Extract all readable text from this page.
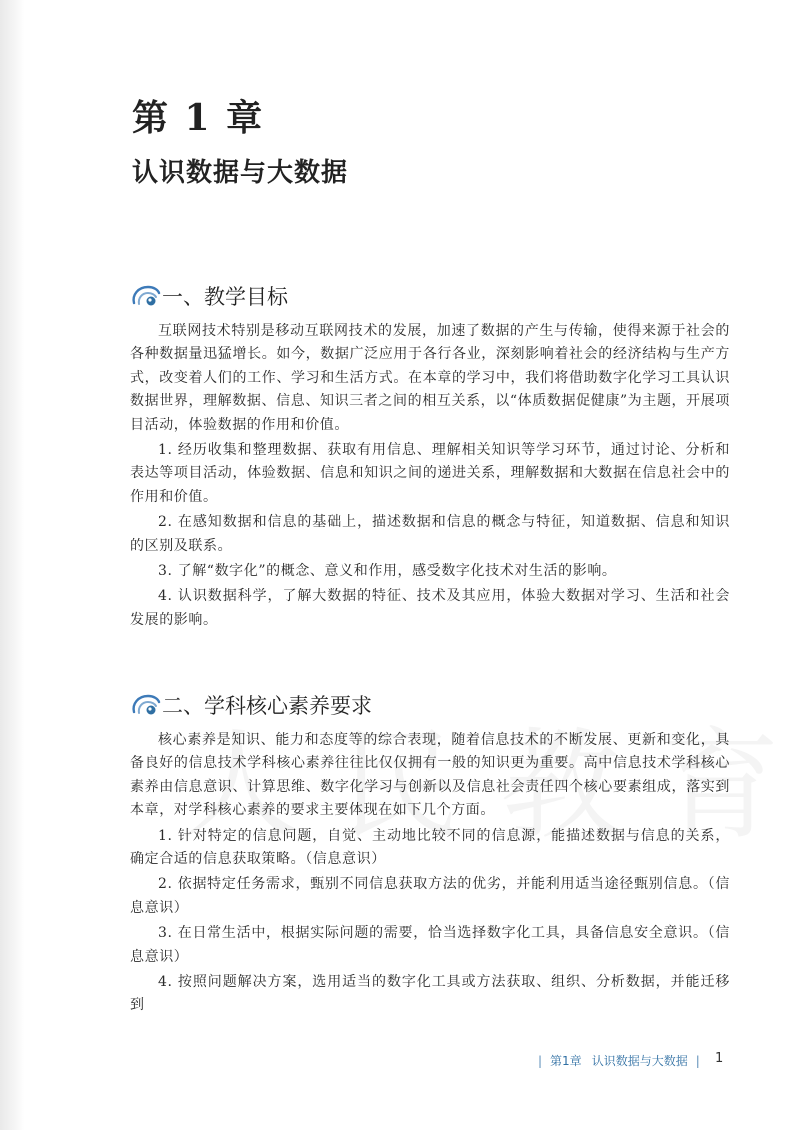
第 1 章
认识数据与大数据
一、教学目标

互联网技术特别是移动互联网技术的发展，加速了数据的产生与传输，使得来源于社会的各种数据量迅猛增长。如今，数据广泛应用于各行各业，深刻影响着社会的经济结构与生产方式，改变着人们的工作、学习和生活方式。在本章的学习中，我们将借助数字化学习工具认识数据世界，理解数据、信息、知识三者之间的相互关系，以“体质数据促健康”为主题，开展项目活动，体验数据的作用和价值。

1. 经历收集和整理数据、获取有用信息、理解相关知识等学习环节，通过讨论、分析和表达等项目活动，体验数据、信息和知识之间的递进关系，理解数据和大数据在信息社会中的作用和价值。

2. 在感知数据和信息的基础上，描述数据和信息的概念与特征，知道数据、信息和知识的区别及联系。

3. 了解“数字化”的概念、意义和作用，感受数字化技术对生活的影响。

4. 认识数据科学，了解大数据的特征、技术及其应用，体验大数据对学习、生活和社会发展的影响。

二、学科核心素养要求

核心素养是知识、能力和态度等的综合表现，随着信息技术的不断发展、更新和变化，具备良好的信息技术学科核心素养往往比仅仅拥有一般的知识更为重要。高中信息技术学科核心素养由信息意识、计算思维、数字化学习与创新以及信息社会责任四个核心要素组成，落实到本章，对学科核心素养的要求主要体现在如下几个方面。

1. 针对特定的信息问题，自觉、主动地比较不同的信息源，能描述数据与信息的关系，确定合适的信息获取策略。（信息意识）

2. 依据特定任务需求，甄别不同信息获取方法的优劣，并能利用适当途径甄别信息。（信息意识）

3. 在日常生活中，根据实际问题的需要，恰当选择数字化工具，具备信息安全意识。（信息意识）

4. 按照问题解决方案，选用适当的数字化工具或方法获取、组织、分析数据，并能迁移到

| 第1章 认识数据与大数据 | 1
